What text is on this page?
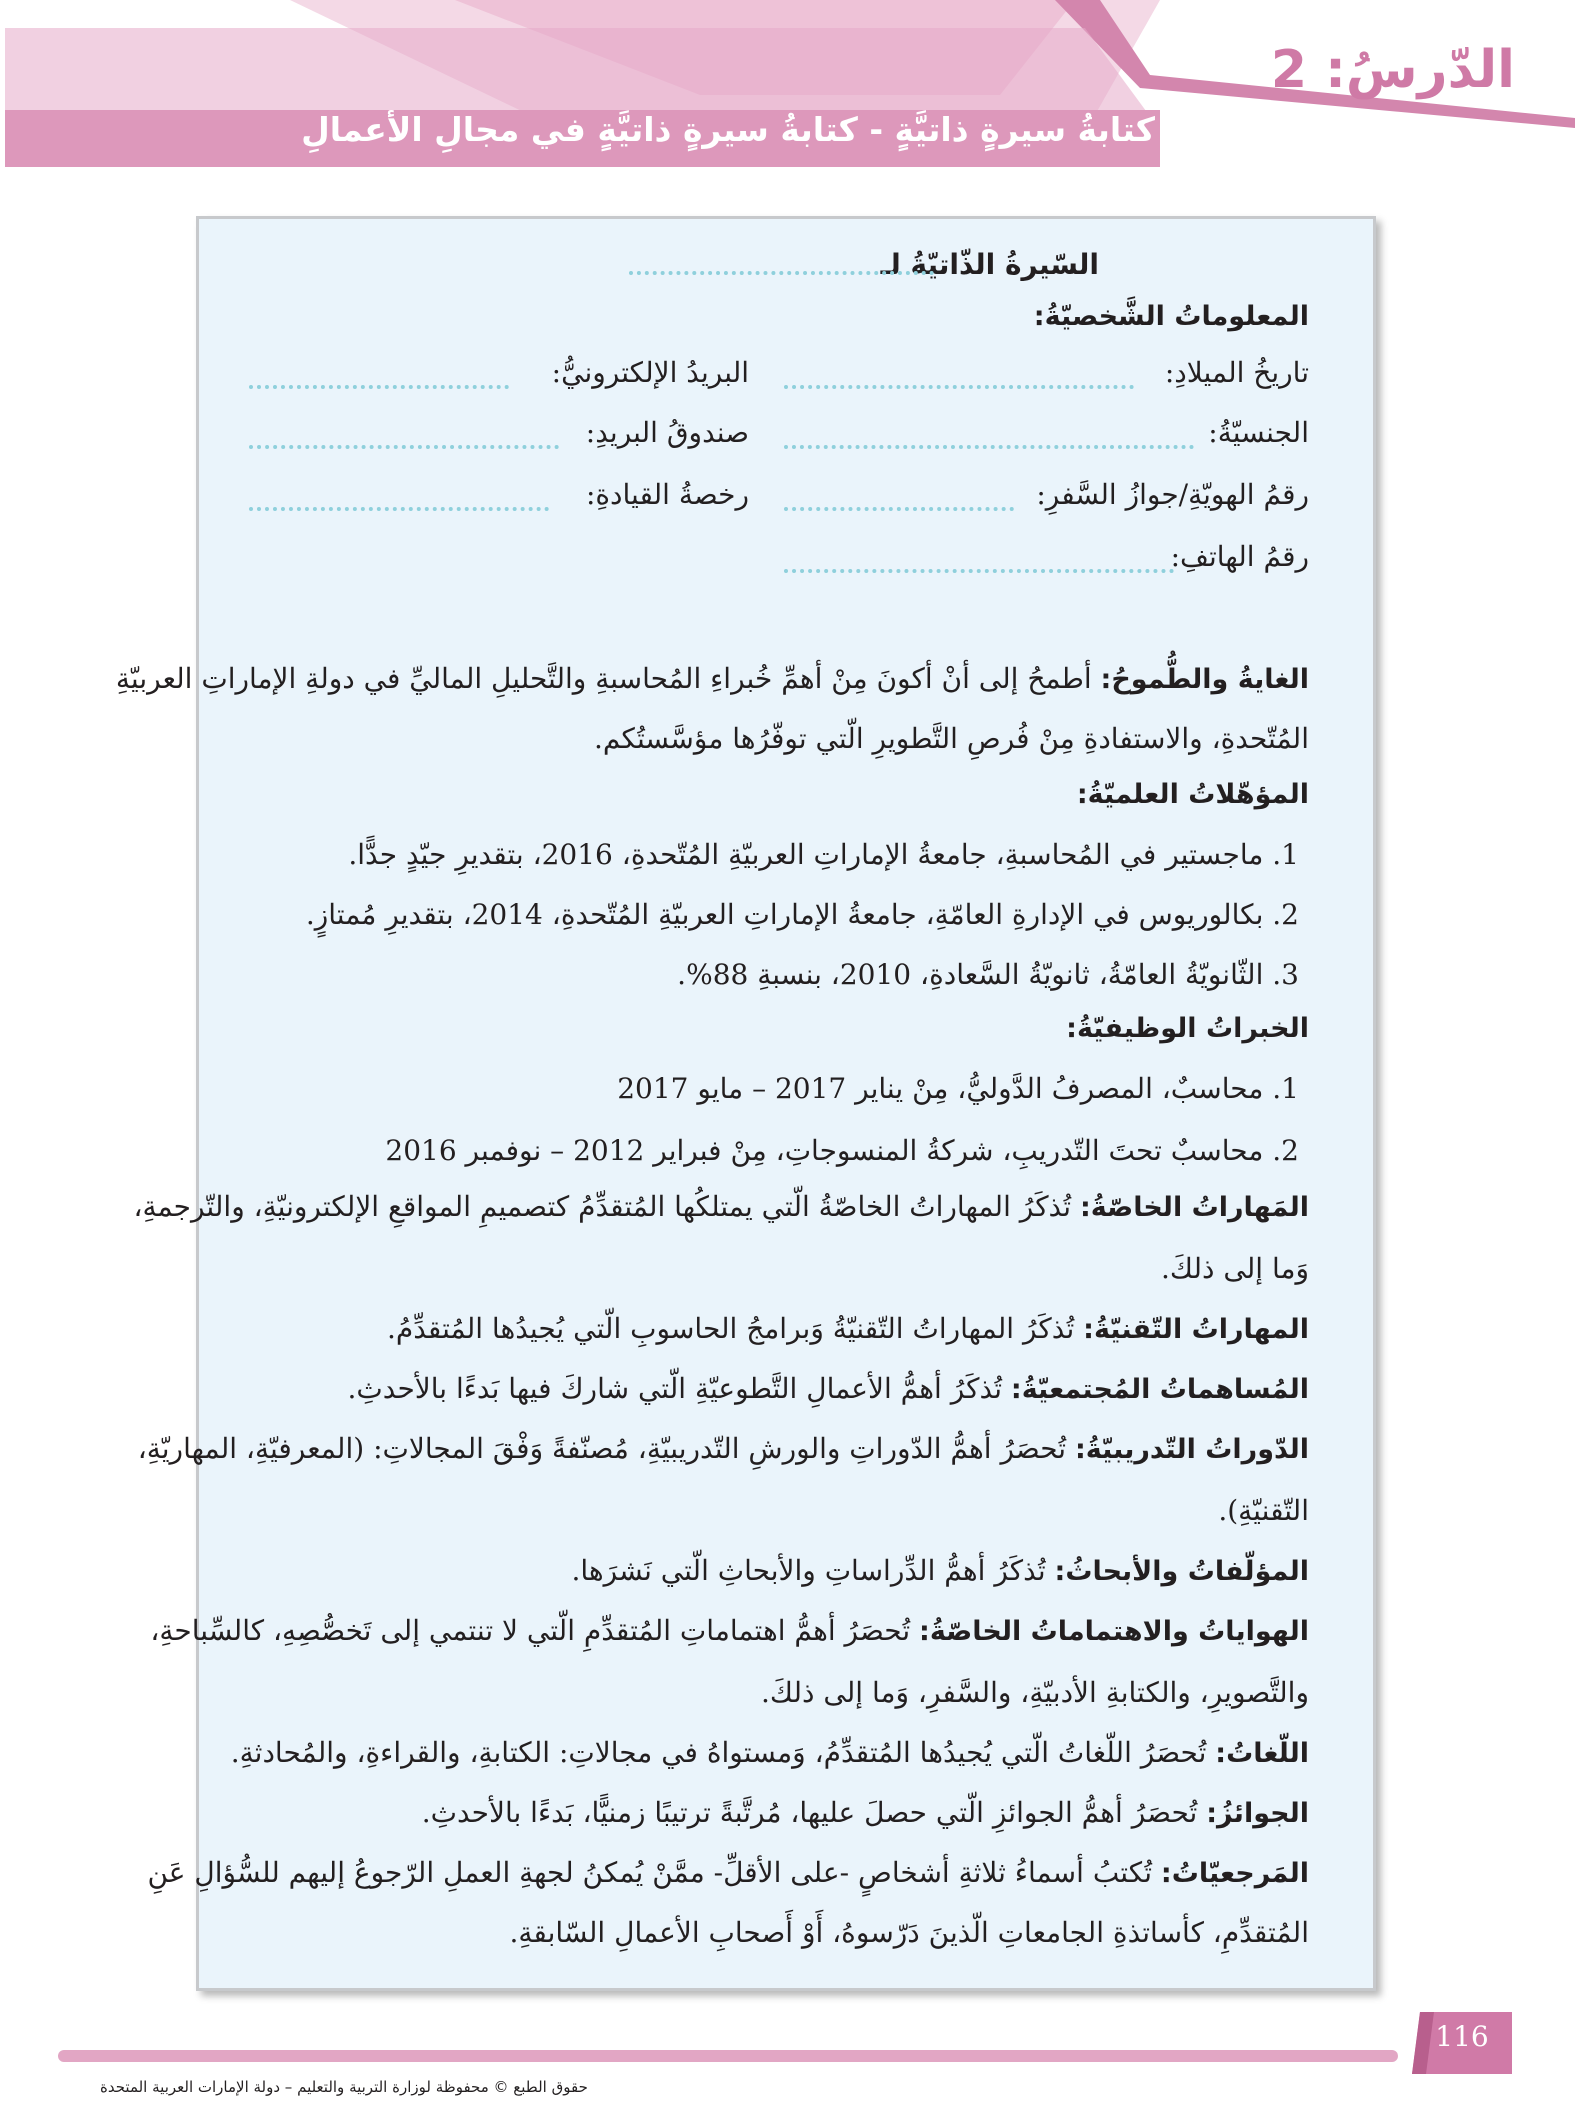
الدّرسُ: 2
كتابةُ سيرةٍ ذاتيَّةٍ - كتابةُ سيرةٍ ذاتيَّةٍ في مجالِ الأعمالِ
السّيرةُ الذّاتيّةُ لـ
المعلوماتُ الشَّخصيّةُ:
تاريخُ الميلادِ:
البريدُ الإلكترونيُّ:
الجنسيّةُ:
صندوقُ البريدِ:
رقمُ الهويّةِ/جوازُ السَّفرِ:
رخصةُ القيادةِ:
رقمُ الهاتفِ:
الغايةُ والطُّموحُ: أطمحُ إلى أنْ أكونَ مِنْ أهمِّ خُبراءِ المُحاسبةِ والتَّحليلِ الماليِّ في دولةِ الإماراتِ العربيّةِ
المُتّحدةِ، والاستفادةِ مِنْ فُرصِ التَّطويرِ الّتي توفّرُها مؤسَّستُكم.
المؤهّلاتُ العلميّةُ:
1. ماجستير في المُحاسبةِ، جامعةُ الإماراتِ العربيّةِ المُتّحدةِ، 2016، بتقديرِ جيّدٍ جدًّا.
2. بكالوريوس في الإدارةِ العامّةِ، جامعةُ الإماراتِ العربيّةِ المُتّحدةِ، 2014، بتقديرِ مُمتازٍ.
3. الثّانويّةُ العامّةُ، ثانويّةُ السَّعادةِ، 2010، بنسبةِ 88%.
الخبراتُ الوظيفيّةُ:
1. محاسبٌ، المصرفُ الدَّوليُّ، مِنْ يناير 2017 – مايو 2017
2. محاسبٌ تحتَ التّدريبِ، شركةُ المنسوجاتِ، مِنْ فبراير 2012 – نوفمبر 2016
المَهاراتُ الخاصّةُ: تُذكَرُ المهاراتُ الخاصّةُ الّتي يمتلكُها المُتقدِّمُ كتصميمِ المواقعِ الإلكترونيّةِ، والتّرجمةِ،
وَما إلى ذلكَ.
المهاراتُ التّقنيّةُ: تُذكَرُ المهاراتُ التّقنيّةُ وَبرامجُ الحاسوبِ الّتي يُجيدُها المُتقدِّمُ.
المُساهماتُ المُجتمعيّةُ: تُذكَرُ أهمُّ الأعمالِ التَّطوعيّةِ الّتي شاركَ فيها بَدءًا بالأحدثِ.
الدّوراتُ التّدريبيّةُ: تُحصَرُ أهمُّ الدّوراتِ والورشِ التّدريبيّةِ، مُصنّفةً وَفْقَ المجالاتِ: (المعرفيّةِ، المهاريّةِ،
التّقنيّةِ).
المؤلّفاتُ والأبحاثُ: تُذكَرُ أهمُّ الدِّراساتِ والأبحاثِ الّتي نَشرَها.
الهواياتُ والاهتماماتُ الخاصّةُ: تُحصَرُ أهمُّ اهتماماتِ المُتقدِّمِ الّتي لا تنتمي إلى تَخصُّصِهِ، كالسِّباحةِ،
والتَّصويرِ، والكتابةِ الأدبيّةِ، والسَّفرِ، وَما إلى ذلكَ.
اللّغاتُ: تُحصَرُ اللّغاتُ الّتي يُجيدُها المُتقدِّمُ، وَمستواهُ في مجالاتِ: الكتابةِ، والقراءةِ، والمُحادثةِ.
الجوائزُ: تُحصَرُ أهمُّ الجوائزِ الّتي حصلَ عليها، مُرتَّبةً ترتيبًا زمنيًّا، بَدءًا بالأحدثِ.
المَرجعيّاتُ: تُكتبُ أسماءُ ثلاثةِ أشخاصٍ -على الأقلِّ- ممَّنْ يُمكنُ لجهةِ العملِ الرّجوعُ إليهم للسُّؤالِ عَنِ
المُتقدِّمِ، كأساتذةِ الجامعاتِ الّذينَ دَرّسوهُ، أَوْ أَصحابِ الأعمالِ السّابقةِ.
116
حقوق الطبع © محفوظة لوزارة التربية والتعليم – دولة الإمارات العربية المتحدة
